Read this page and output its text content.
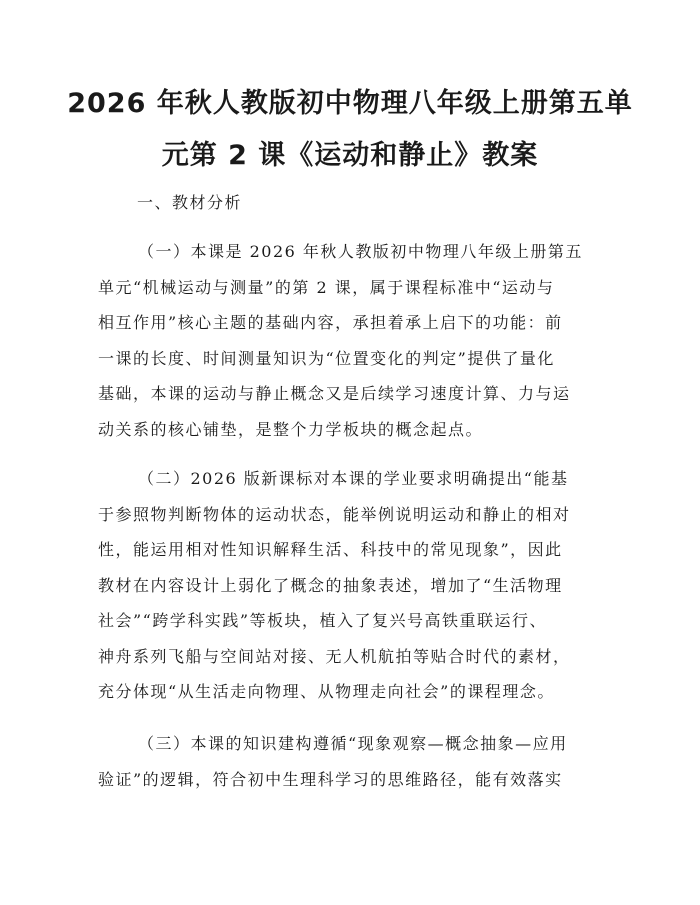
2026 年秋人教版初中物理八年级上册第五单
元第 2 课《运动和静止》教案
一、教材分析
（一）本课是 2026 年秋人教版初中物理八年级上册第五
单元“机械运动与测量”的第 2 课，属于课程标准中“运动与
相互作用”核心主题的基础内容，承担着承上启下的功能：前
一课的长度、时间测量知识为“位置变化的判定”提供了量化
基础，本课的运动与静止概念又是后续学习速度计算、力与运
动关系的核心铺垫，是整个力学板块的概念起点。
（二）2026 版新课标对本课的学业要求明确提出“能基
于参照物判断物体的运动状态，能举例说明运动和静止的相对
性，能运用相对性知识解释生活、科技中的常见现象”，因此
教材在内容设计上弱化了概念的抽象表述，增加了“生活物理
社会”“跨学科实践”等板块，植入了复兴号高铁重联运行、
神舟系列飞船与空间站对接、无人机航拍等贴合时代的素材，
充分体现“从生活走向物理、从物理走向社会”的课程理念。
（三）本课的知识建构遵循“现象观察—概念抽象—应用
验证”的逻辑，符合初中生理科学习的思维路径，能有效落实
